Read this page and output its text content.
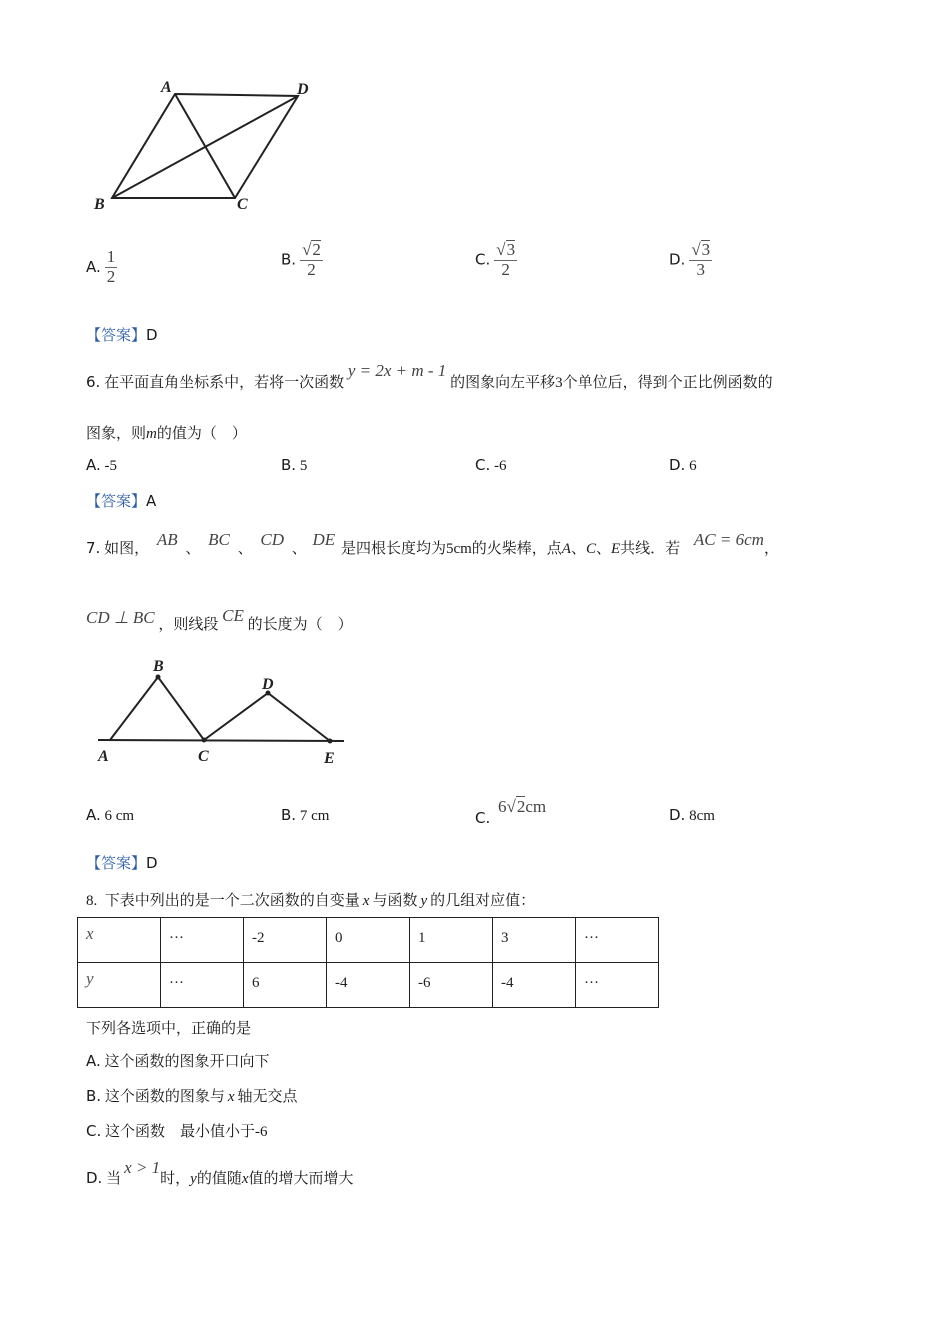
A	D
B	C
A. $\frac{1}{2}$	B. $\frac{√2}{2}$	C. $\frac{√3}{2}$	D. $\frac{√3}{3}$
【答案】D
6. 在平面直角坐标系中，若将一次函数 y = 2x + m - 1 的图象向左平移3个单位后，得到个正比例函数的
图象，则m的值为（　）
A. -5	B. 5	C. -6	D. 6
【答案】A
7. 如图， AB 、 BC 、 CD 、 DE 是四根长度均为5cm的火柴棒，点A、C、E共线．若 AC = 6cm，
CD ⊥ BC ，则线段 CE 的长度为（　）
B
D
A	C	E
A. 6 cm	B. 7 cm	C. 6√2cm	D. 8cm
【答案】D
8. 下表中列出的是一个二次函数的自变量 x 与函数 y 的几组对应值：
x	···	-2	0	1	3	···
y	···	6	-4	-6	-4	···
下列各选项中，正确的是
A. 这个函数的图象开口向下
B. 这个函数的图象与 x 轴无交点
C. 这个函数　最小值小于-6
D. 当x > 1时，y的值随x值的增大而增大
